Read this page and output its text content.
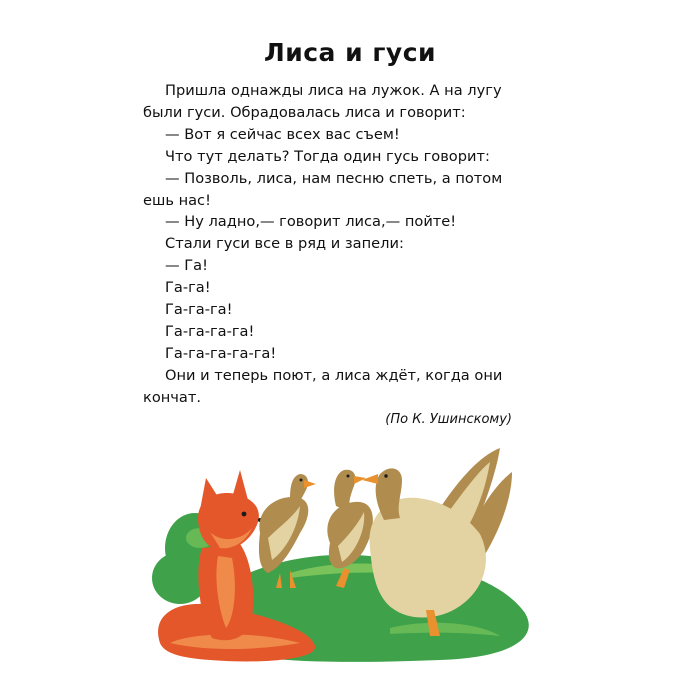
Лиса и гуси
Пришла однажды лиса на лужок. А на лугу
были гуси. Обрадовалась лиса и говорит:
— Вот я сейчас всех вас съем!
Что тут делать? Тогда один гусь говорит:
— Позволь, лиса, нам песню спеть, а потом
ешь нас!
— Ну ладно,— говорит лиса,— пойте!
Стали гуси все в ряд и запели:
— Га!
Га-га!
Га-га-га!
Га-га-га-га!
Га-га-га-га-га!
Они и теперь поют, а лиса ждёт, когда они
кончат.
(По К. Ушинскому)
